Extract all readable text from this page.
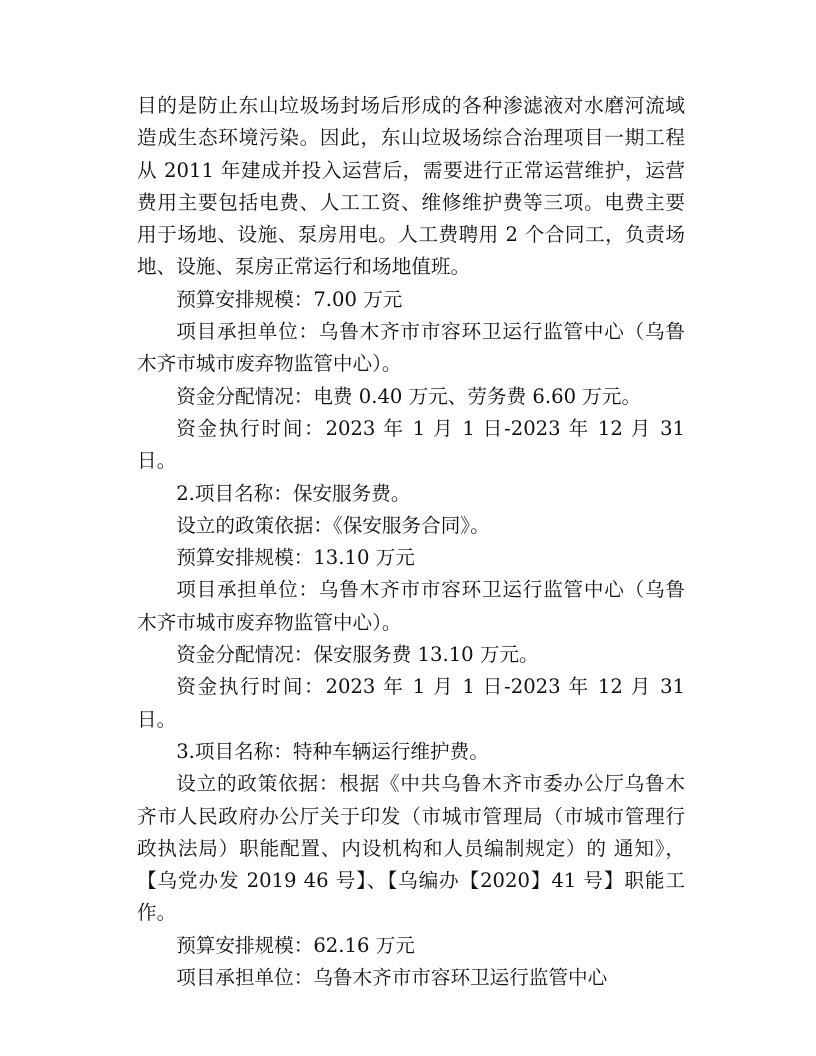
目的是防止东山垃圾场封场后形成的各种渗滤液对水磨河流域 造成生态环境污染。因此，东山垃圾场综合治理项目一期工程从 2011 年建成并投入运营后，需要进行正常运营维护，运营费用主要包括电费、人工工资、维修维护费等三项。电费主要用于场地、设施、泵房用电。人工费聘用 2 个合同工，负责场地、设施、泵房正常运行和场地值班。

预算安排规模：7.00 万元

项目承担单位：乌鲁木齐市市容环卫运行监管中心（乌鲁木齐市城市废弃物监管中心）。

资金分配情况：电费 0.40 万元、劳务费 6.60 万元。

资金执行时间：2023 年 1 月 1 日-2023 年 12 月 31 日。

2.项目名称：保安服务费。

设立的政策依据：《保安服务合同》。

预算安排规模：13.10 万元

项目承担单位：乌鲁木齐市市容环卫运行监管中心（乌鲁木齐市城市废弃物监管中心）。

资金分配情况：保安服务费 13.10 万元。

资金执行时间：2023 年 1 月 1 日-2023 年 12 月 31 日。

3.项目名称：特种车辆运行维护费。

设立的政策依据：根据《中共乌鲁木齐市委办公厅乌鲁木齐市人民政府办公厅关于印发（市城市管理局（市城市管理行政执法局）职能配置、内设机构和人员编制规定）的 通知》，【乌党办发 2019 46 号】、【乌编办【2020】41 号】职能工作。

预算安排规模：62.16 万元

项目承担单位：乌鲁木齐市市容环卫运行监管中心
